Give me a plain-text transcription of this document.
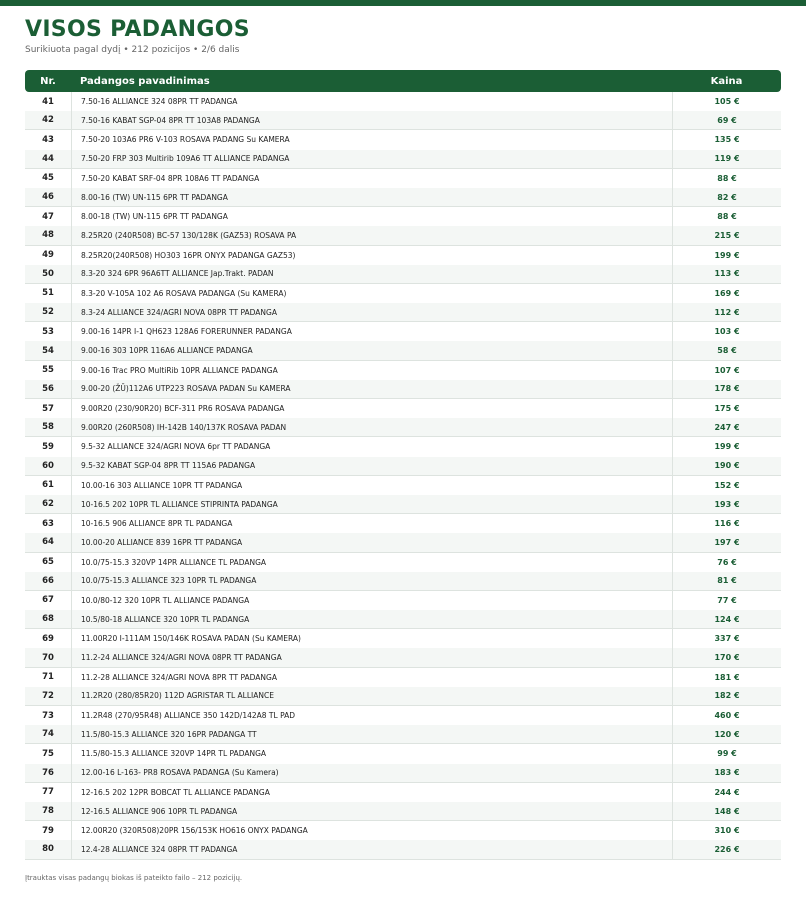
VISOS PADANGOS
Surikiuota pagal dydį • 212 pozicijos • 2/6 dalis
Nr.	Padangos pavadinimas	Kaina
41	7.50-16 ALLIANCE 324 08PR TT PADANGA	105 €
42	7.50-16 KABAT SGP-04 8PR TT 103A8 PADANGA	69 €
43	7.50-20 103A6 PR6 V-103 ROSAVA PADANG Su KAMERA	135 €
44	7.50-20 FRP 303 Multirib 109A6 TT ALLIANCE PADANGA	119 €
45	7.50-20 KABAT SRF-04 8PR 108A6 TT PADANGA	88 €
46	8.00-16 (TW) UN-115 6PR TT PADANGA	82 €
47	8.00-18 (TW) UN-115 6PR TT PADANGA	88 €
48	8.25R20 (240R508) BC-57 130/128K (GAZ53) ROSAVA PA	215 €
49	8.25R20(240R508) HO303 16PR ONYX PADANGA GAZ53)	199 €
50	8.3-20 324 6PR 96A6TT ALLIANCE Jap.Trakt. PADAN	113 €
51	8.3-20 V-105A 102 A6 ROSAVA PADANGA (Su KAMERA)	169 €
52	8.3-24 ALLIANCE 324/AGRI NOVA 08PR TT PADANGA	112 €
53	9.00-16 14PR I-1 QH623 128A6 FORERUNNER PADANGA	103 €
54	9.00-16 303 10PR 116A6 ALLIANCE PADANGA	58 €
55	9.00-16 Trac PRO MultiRib 10PR ALLIANCE PADANGA	107 €
56	9.00-20 (ŽŪ)112A6 UTP223 ROSAVA PADAN Su KAMERA	178 €
57	9.00R20 (230/90R20) BCF-311 PR6 ROSAVA PADANGA	175 €
58	9.00R20 (260R508) IH-142B 140/137K ROSAVA PADAN	247 €
59	9.5-32 ALLIANCE 324/AGRI NOVA 6pr TT PADANGA	199 €
60	9.5-32 KABAT SGP-04 8PR TT 115A6 PADANGA	190 €
61	10.00-16 303 ALLIANCE 10PR TT PADANGA	152 €
62	10-16.5 202 10PR TL ALLIANCE STIPRINTA PADANGA	193 €
63	10-16.5 906 ALLIANCE 8PR TL PADANGA	116 €
64	10.00-20 ALLIANCE 839 16PR TT PADANGA	197 €
65	10.0/75-15.3 320VP 14PR ALLIANCE TL PADANGA	76 €
66	10.0/75-15.3 ALLIANCE 323 10PR TL PADANGA	81 €
67	10.0/80-12 320 10PR TL ALLIANCE PADANGA	77 €
68	10.5/80-18 ALLIANCE 320 10PR TL PADANGA	124 €
69	11.00R20 I-111AM 150/146K ROSAVA PADAN (Su KAMERA)	337 €
70	11.2-24 ALLIANCE 324/AGRI NOVA 08PR TT PADANGA	170 €
71	11.2-28 ALLIANCE 324/AGRI NOVA 8PR TT PADANGA	181 €
72	11.2R20 (280/85R20) 112D AGRISTAR TL ALLIANCE	182 €
73	11.2R48 (270/95R48) ALLIANCE 350 142D/142A8 TL PAD	460 €
74	11.5/80-15.3 ALLIANCE 320 16PR PADANGA TT	120 €
75	11.5/80-15.3 ALLIANCE 320VP 14PR TL PADANGA	99 €
76	12.00-16 L-163- PR8 ROSAVA PADANGA (Su Kamera)	183 €
77	12-16.5 202 12PR BOBCAT TL ALLIANCE PADANGA	244 €
78	12-16.5 ALLIANCE 906 10PR TL PADANGA	148 €
79	12.00R20 (320R508)20PR 156/153K HO616 ONYX PADANGA	310 €
80	12.4-28 ALLIANCE 324 08PR TT PADANGA	226 €
Įtrauktas visas padangų biokas iš pateikto failo – 212 pozicijų.
